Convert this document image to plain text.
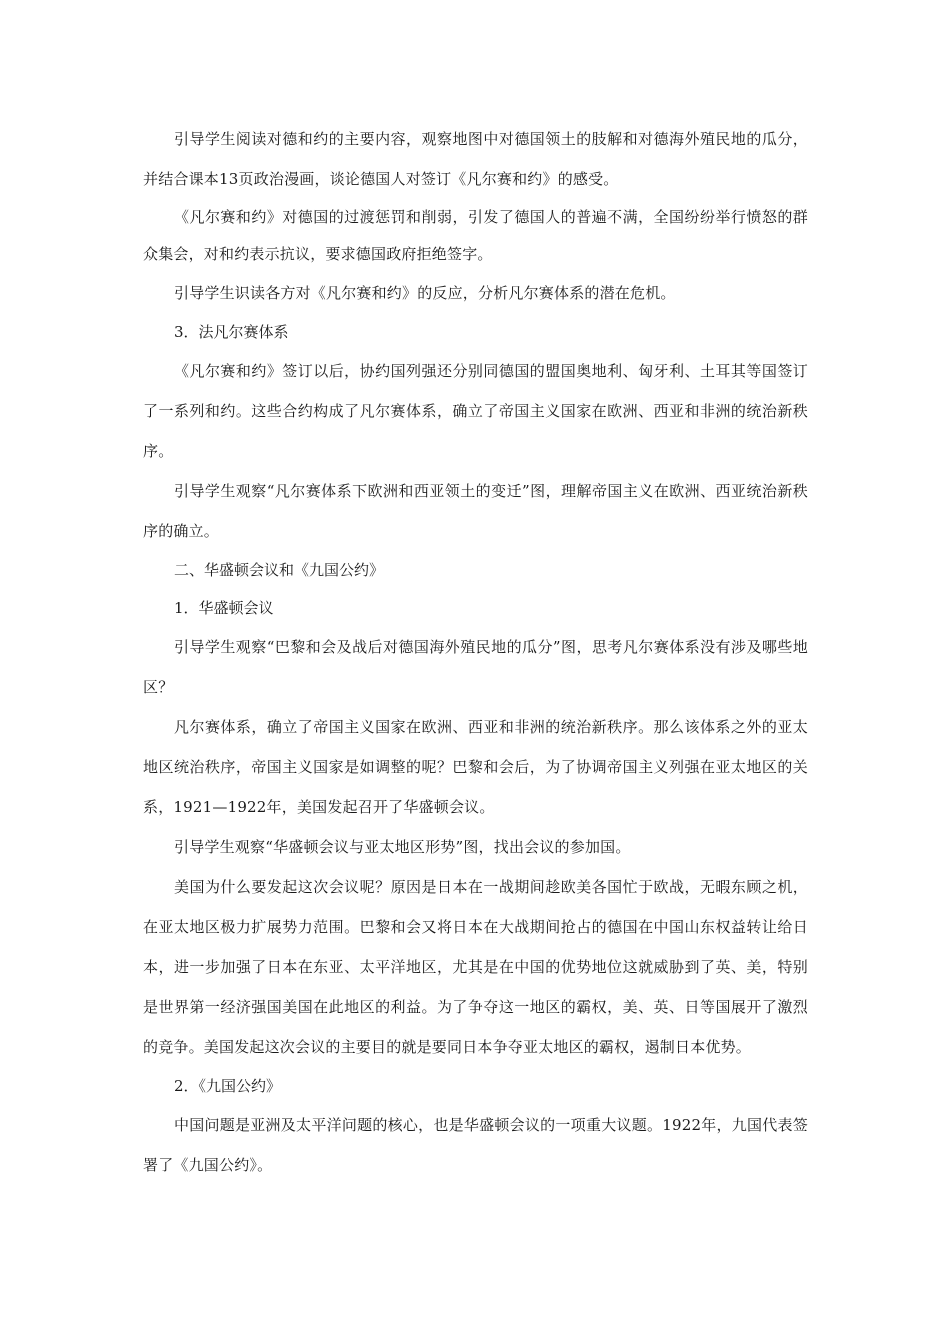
引导学生阅读对德和约的主要内容，观察地图中对德国领土的肢解和对德海外殖民地的瓜分，并结合课本13页政治漫画，谈论德国人对签订《凡尔赛和约》的感受。

《凡尔赛和约》对德国的过渡惩罚和削弱，引发了德国人的普遍不满，全国纷纷举行愤怒的群众集会，对和约表示抗议，要求德国政府拒绝签字。

引导学生识读各方对《凡尔赛和约》的反应，分析凡尔赛体系的潜在危机。

3．法凡尔赛体系

《凡尔赛和约》签订以后，协约国列强还分别同德国的盟国奥地利、匈牙利、土耳其等国签订了一系列和约。这些合约构成了凡尔赛体系，确立了帝国主义国家在欧洲、西亚和非洲的统治新秩序。

引导学生观察“凡尔赛体系下欧洲和西亚领土的变迁”图，理解帝国主义在欧洲、西亚统治新秩序的确立。

二、华盛顿会议和《九国公约》

1．华盛顿会议

引导学生观察“巴黎和会及战后对德国海外殖民地的瓜分”图，思考凡尔赛体系没有涉及哪些地区？

凡尔赛体系，确立了帝国主义国家在欧洲、西亚和非洲的统治新秩序。那么该体系之外的亚太地区统治秩序，帝国主义国家是如调整的呢？巴黎和会后，为了协调帝国主义列强在亚太地区的关系，1921—1922年，美国发起召开了华盛顿会议。

引导学生观察“华盛顿会议与亚太地区形势”图，找出会议的参加国。

美国为什么要发起这次会议呢？原因是日本在一战期间趁欧美各国忙于欧战，无暇东顾之机，在亚太地区极力扩展势力范围。巴黎和会又将日本在大战期间抢占的德国在中国山东权益转让给日本，进一步加强了日本在东亚、太平洋地区，尤其是在中国的优势地位这就威胁到了英、美，特别是世界第一经济强国美国在此地区的利益。为了争夺这一地区的霸权，美、英、日等国展开了激烈的竞争。美国发起这次会议的主要目的就是要同日本争夺亚太地区的霸权，遏制日本优势。

2．《九国公约》

中国问题是亚洲及太平洋问题的核心，也是华盛顿会议的一项重大议题。1922年，九国代表签署了《九国公约》。
